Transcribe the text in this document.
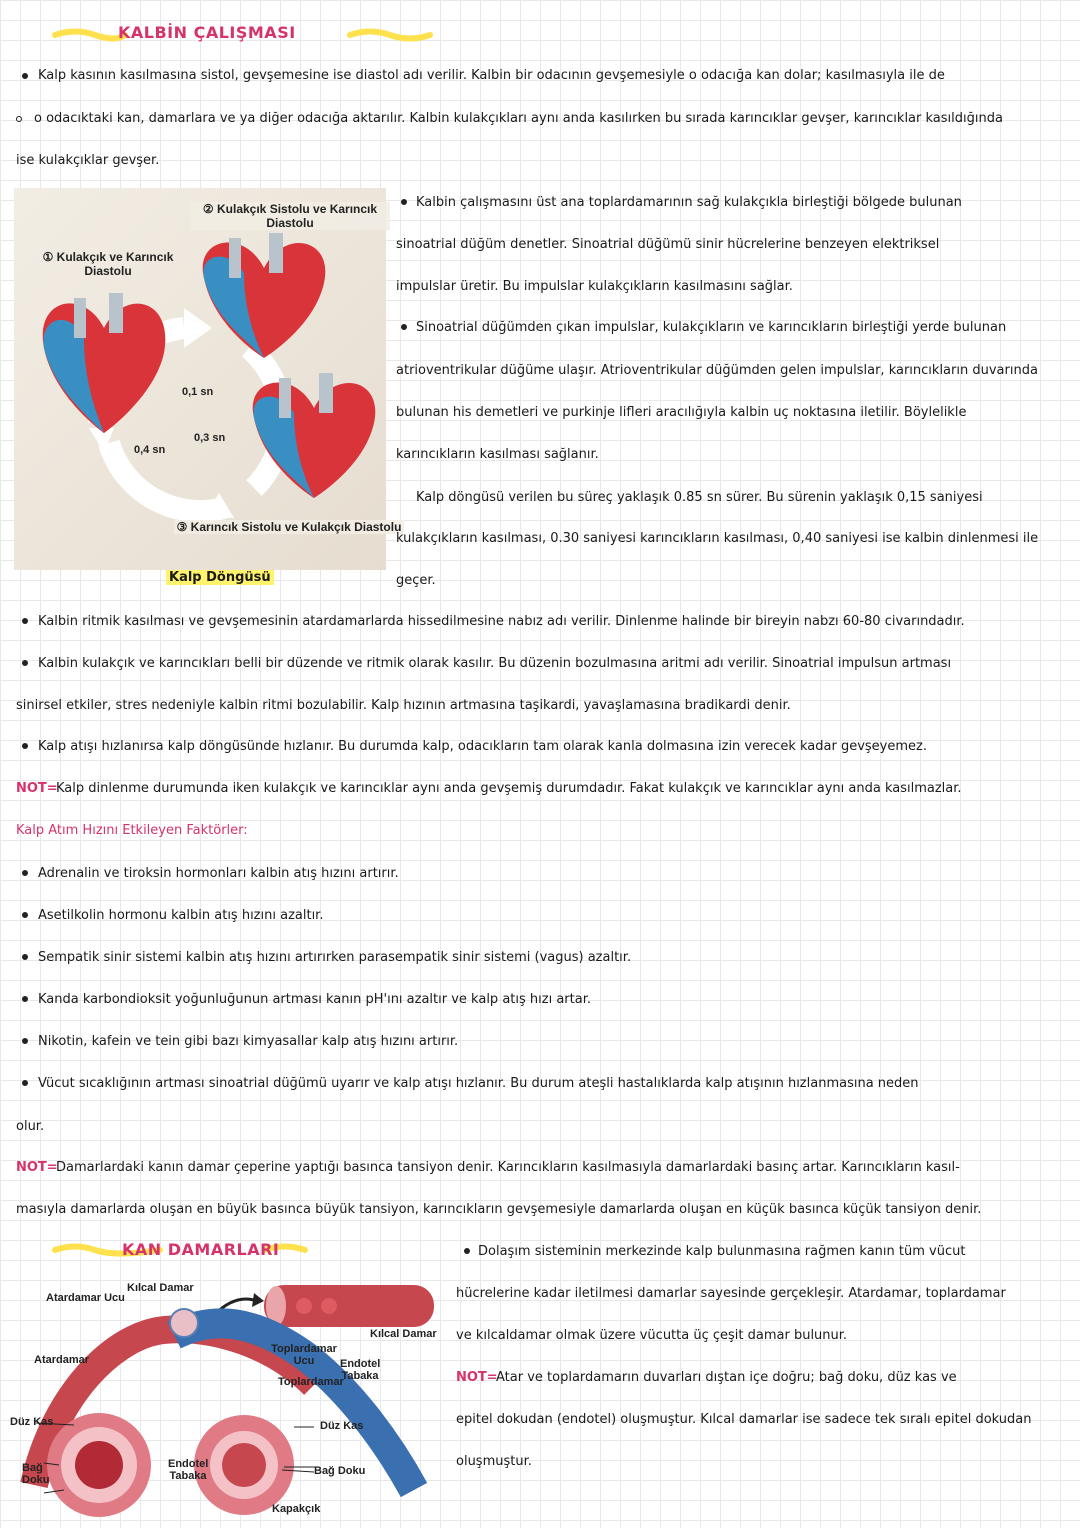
KALBİN ÇALIŞMASI
Kalp kasının kasılmasına sistol, gevşemesine ise diastol adı verilir. Kalbin bir odacının gevşemesiyle o odacığa kan dolar; kasılmasıyla ile de
o odacıktaki kan, damarlara ve ya diğer odacığa aktarılır. Kalbin kulakçıkları aynı anda kasılırken bu sırada karıncıklar gevşer, karıncıklar kasıldığında
ise kulakçıklar gevşer.
① Kulakçık ve Karıncık Diastolu
② Kulakçık Sistolu ve Karıncık Diastolu
③ Karıncık Sistolu ve Kulakçık Diastolu
0,1 sn
0,3 sn
0,4 sn
Kalp Döngüsü
Kalbin çalışmasını üst ana toplardamarının sağ kulakçıkla birleştiği bölgede bulunan
sinoatrial düğüm denetler. Sinoatrial düğümü sinir hücrelerine benzeyen elektriksel
impulslar üretir. Bu impulslar kulakçıkların kasılmasını sağlar.
Sinoatrial düğümden çıkan impulslar, kulakçıkların ve karıncıkların birleştiği yerde bulunan
atrioventrikular düğüme ulaşır. Atrioventrikular düğümden gelen impulslar, karıncıkların duvarında
bulunan his demetleri ve purkinje lifleri aracılığıyla kalbin uç noktasına iletilir. Böylelikle
karıncıkların kasılması sağlanır.
Kalp döngüsü verilen bu süreç yaklaşık 0.85 sn sürer. Bu sürenin yaklaşık 0,15 saniyesi
kulakçıkların kasılması, 0.30 saniyesi karıncıkların kasılması, 0,40 saniyesi ise kalbin dinlenmesi ile
geçer.
Kalbin ritmik kasılması ve gevşemesinin atardamarlarda hissedilmesine nabız adı verilir. Dinlenme halinde bir bireyin nabzı 60-80 civarındadır.
Kalbin kulakçık ve karıncıkları belli bir düzende ve ritmik olarak kasılır. Bu düzenin bozulmasına aritmi adı verilir. Sinoatrial impulsun artması
sinirsel etkiler, stres nedeniyle kalbin ritmi bozulabilir. Kalp hızının artmasına taşikardi, yavaşlamasına bradikardi denir.
Kalp atışı hızlanırsa kalp döngüsünde hızlanır. Bu durumda kalp, odacıkların tam olarak kanla dolmasına izin verecek kadar gevşeyemez.
NOT=
Kalp dinlenme durumunda iken kulakçık ve karıncıklar aynı anda gevşemiş durumdadır. Fakat kulakçık ve karıncıklar aynı anda kasılmazlar.
Kalp Atım Hızını Etkileyen Faktörler:
Adrenalin ve tiroksin hormonları kalbin atış hızını artırır.
Asetilkolin hormonu kalbin atış hızını azaltır.
Sempatik sinir sistemi kalbin atış hızını artırırken parasempatik sinir sistemi (vagus) azaltır.
Kanda karbondioksit yoğunluğunun artması kanın pH'ını azaltır ve kalp atış hızı artar.
Nikotin, kafein ve tein gibi bazı kimyasallar kalp atış hızını artırır.
Vücut sıcaklığının artması sinoatrial düğümü uyarır ve kalp atışı hızlanır. Bu durum ateşli hastalıklarda kalp atışının hızlanmasına neden
olur.
NOT=
Damarlardaki kanın damar çeperine yaptığı basınca tansiyon denir. Karıncıkların kasılmasıyla damarlardaki basınç artar. Karıncıkların kasıl-
masıyla damarlarda oluşan en büyük basınca büyük tansiyon, karıncıkların gevşemesiyle damarlarda oluşan en küçük basınca küçük tansiyon denir.
KAN DAMARLARI
Kılcal Damar
Atardamar Ucu
Atardamar
Düz Kas
Bağ Doku
Kılcal Damar
Toplardamar Ucu
Toplardamar
Endotel Tabaka
Düz Kas
Bağ Doku
Endotel Tabaka
Kapakçık
Dolaşım sisteminin merkezinde kalp bulunmasına rağmen kanın tüm vücut
hücrelerine kadar iletilmesi damarlar sayesinde gerçekleşir. Atardamar, toplardamar
ve kılcaldamar olmak üzere vücutta üç çeşit damar bulunur.
NOT=
Atar ve toplardamarın duvarları dıştan içe doğru; bağ doku, düz kas ve
epitel dokudan (endotel) oluşmuştur. Kılcal damarlar ise sadece tek sıralı epitel dokudan
oluşmuştur.
